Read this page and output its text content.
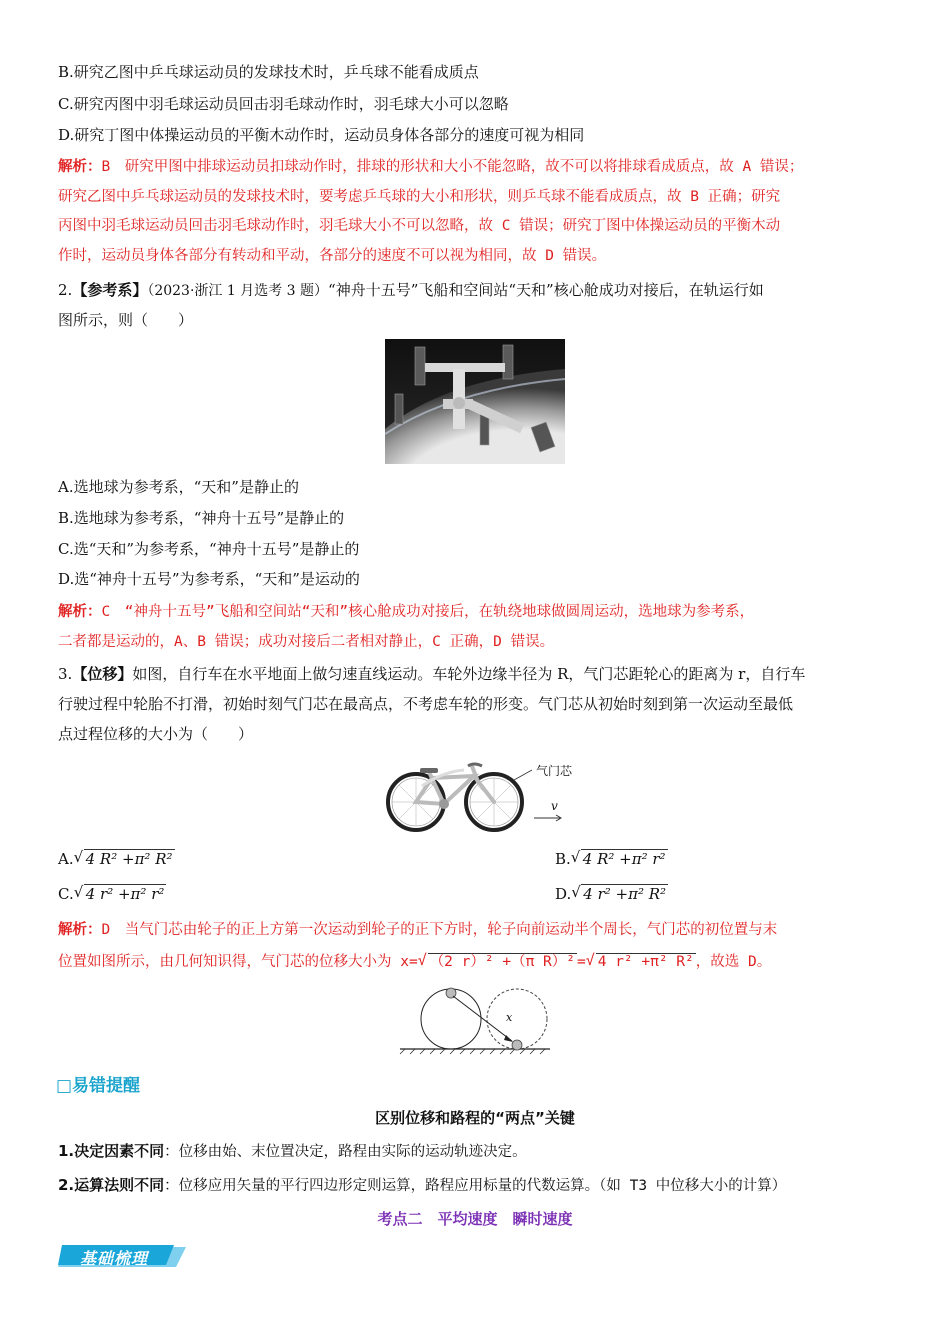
B.研究乙图中乒乓球运动员的发球技术时，乒乓球不能看成质点
C.研究丙图中羽毛球运动员回击羽毛球动作时，羽毛球大小可以忽略
D.研究丁图中体操运动员的平衡木动作时，运动员身体各部分的速度可视为相同
解析：B　研究甲图中排球运动员扣球动作时，排球的形状和大小不能忽略，故不可以将排球看成质点，故 A 错误；
研究乙图中乒乓球运动员的发球技术时，要考虑乒乓球的大小和形状，则乒乓球不能看成质点，故 B 正确；研究
丙图中羽毛球运动员回击羽毛球动作时，羽毛球大小不可以忽略，故 C 错误；研究丁图中体操运动员的平衡木动
作时，运动员身体各部分有转动和平动，各部分的速度不可以视为相同，故 D 错误。
2.【参考系】（2023·浙江 1 月选考 3 题）“神舟十五号”飞船和空间站“天和”核心舱成功对接后，在轨运行如
图所示，则（　　）
A.选地球为参考系，“天和”是静止的
B.选地球为参考系，“神舟十五号”是静止的
C.选“天和”为参考系，“神舟十五号”是静止的
D.选“神舟十五号”为参考系，“天和”是运动的
解析：C　“神舟十五号”飞船和空间站“天和”核心舱成功对接后，在轨绕地球做圆周运动，选地球为参考系，
二者都是运动的，A、B 错误；成功对接后二者相对静止，C 正确，D 错误。
3.【位移】如图，自行车在水平地面上做匀速直线运动。车轮外边缘半径为 R，气门芯距轮心的距离为 r，自行车
行驶过程中轮胎不打滑，初始时刻气门芯在最高点，不考虑车轮的形变。气门芯从初始时刻到第一次运动至最低
点过程位移的大小为（　　）
气门芯
v
A. √ 4 R² +π² R²	B. √ 4 R² +π² r²
C. √ 4 r² +π² r²	D. √ 4 r² +π² R²
解析：D　当气门芯由轮子的正上方第一次运动到轮子的正下方时，轮子向前运动半个周长，气门芯的初位置与末
位置如图所示，由几何知识得，气门芯的位移大小为 x= √ （2 r）² +（π R）² = √ 4 r² +π² R² ，故选 D。
x
□易错提醒
区别位移和路程的“两点”关键
1.决定因素不同：位移由始、末位置决定，路程由实际的运动轨迹决定。
2.运算法则不同：位移应用矢量的平行四边形定则运算，路程应用标量的代数运算。（如 T3 中位移大小的计算）
考点二　平均速度　瞬时速度
基础梳理
